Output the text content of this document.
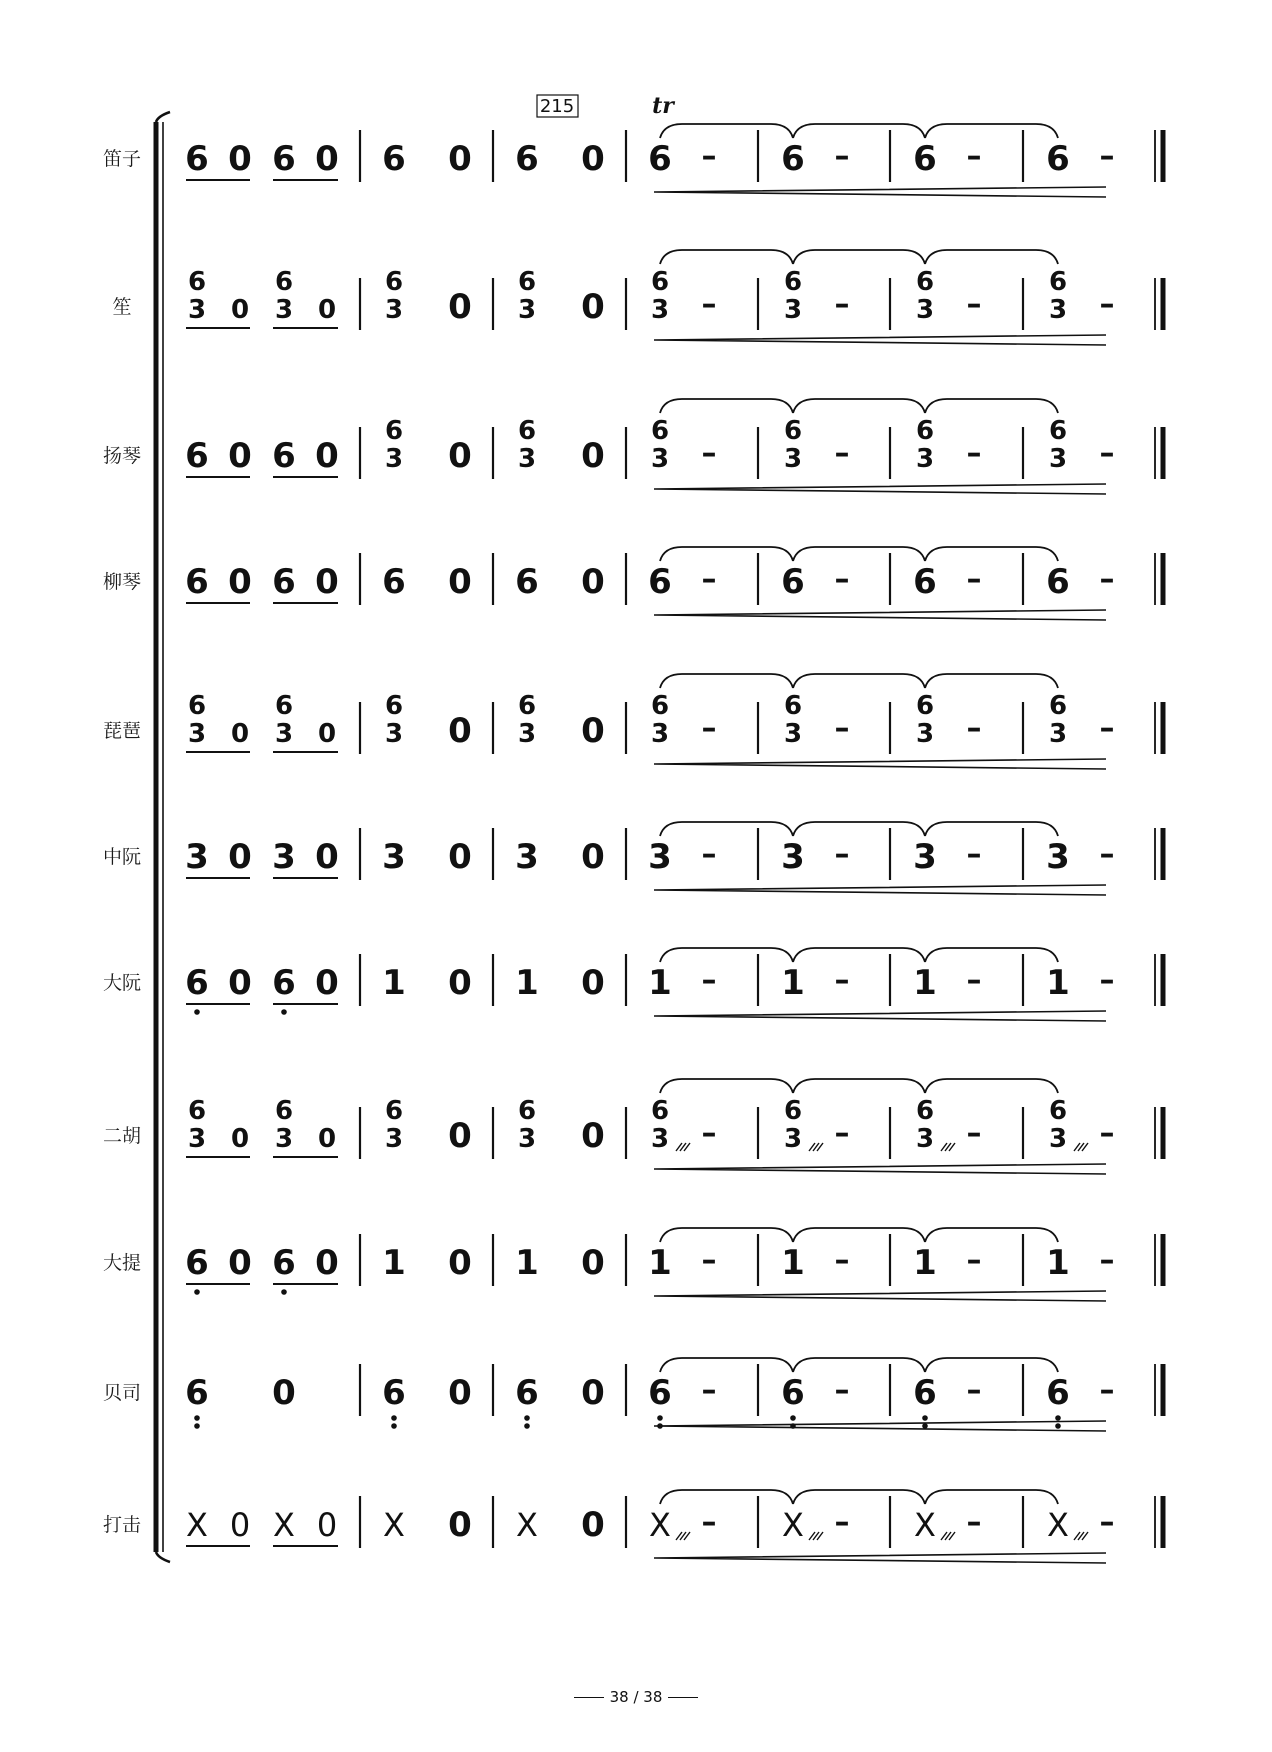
笛子
笙
扬琴
柳琴
琵琶
中阮
大阮
二胡
大提
贝司
打击
215	tr
6 0 6 0 6 0 6 0 6 – 6 – 6 – 6 –
3 0 3 0
6	6
3
6
0 3
6
0 3
6
–	3
6
–	3
6
–	3
6
–
6 0 6 0 3
6
0 3
6
0 3
6
–	3
6
–	3
6
–	3
6
–
6 0 6 0 6 0 6 0 6 – 6 – 6 – 6 –
3 0 3 0
6	6
3
6
0 3
6
0 3
6
–	3
6
–	3
6
–	3
6
–
3 0 3 0 3 0 3 0 3 – 3 – 3 – 3 –
6 0 6 0 1 0 1 0 1 – 1 – 1 – 1 –
3 0 3 0
6	6
3
6
0 3
6
0 3
6
–	3
6
–	3
6
–	3
6
–
6 0 6 0 1 0 1 0 1 – 1 – 1 – 1 –
6 0	6 0 6 0 6 – 6 – 6 – 6 –
X 0 X 0 X 0 X 0 X – X – X – X –
38 / 38
